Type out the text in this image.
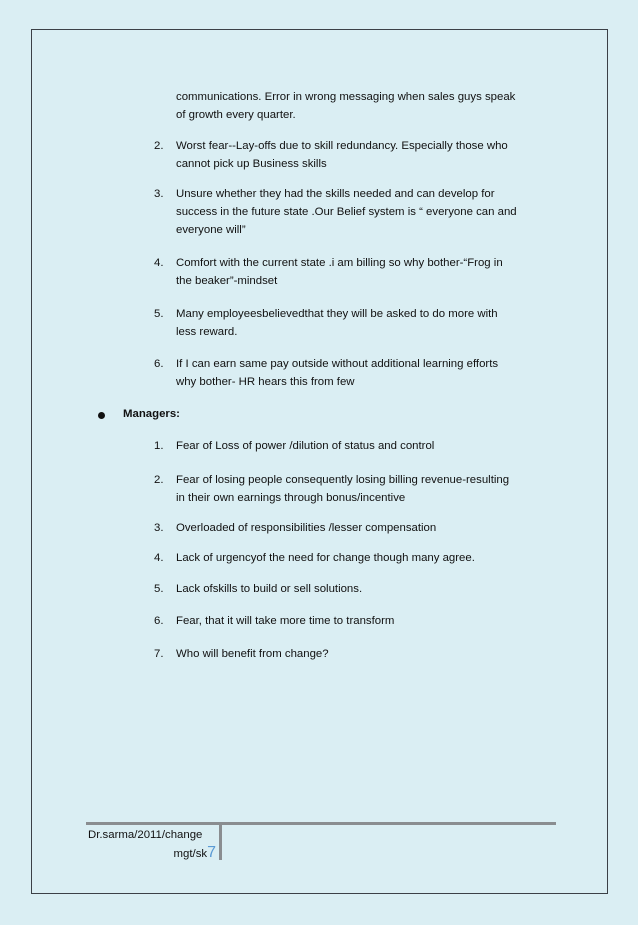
communications. Error in wrong messaging when sales guys speak
of growth every quarter.
2.	Worst fear--Lay-offs due to skill redundancy. Especially those who
cannot pick up Business skills
3.	Unsure whether they had the skills needed and can develop for
success in the future state .Our Belief system is “ everyone can and
everyone will”
4.	Comfort with the current state .i am billing so why bother-“Frog in
the beaker”-mindset
5.	Many employeesbelievedthat they will be asked to do more with
less reward.
6.	If I can earn same pay outside without additional learning efforts
why bother- HR hears this from few
Managers:
1.	Fear of Loss of power /dilution of status and control
2.	Fear of losing people consequently losing billing revenue-resulting
in their own earnings through bonus/incentive
3.	Overloaded of responsibilities /lesser compensation
4.	Lack of urgencyof the need for change though many agree.
5.	Lack ofskills to build or sell solutions.
6.	Fear, that it will take more time to transform
7.	Who will benefit from change?
Dr.sarma/2011/change
mgt/sk7
